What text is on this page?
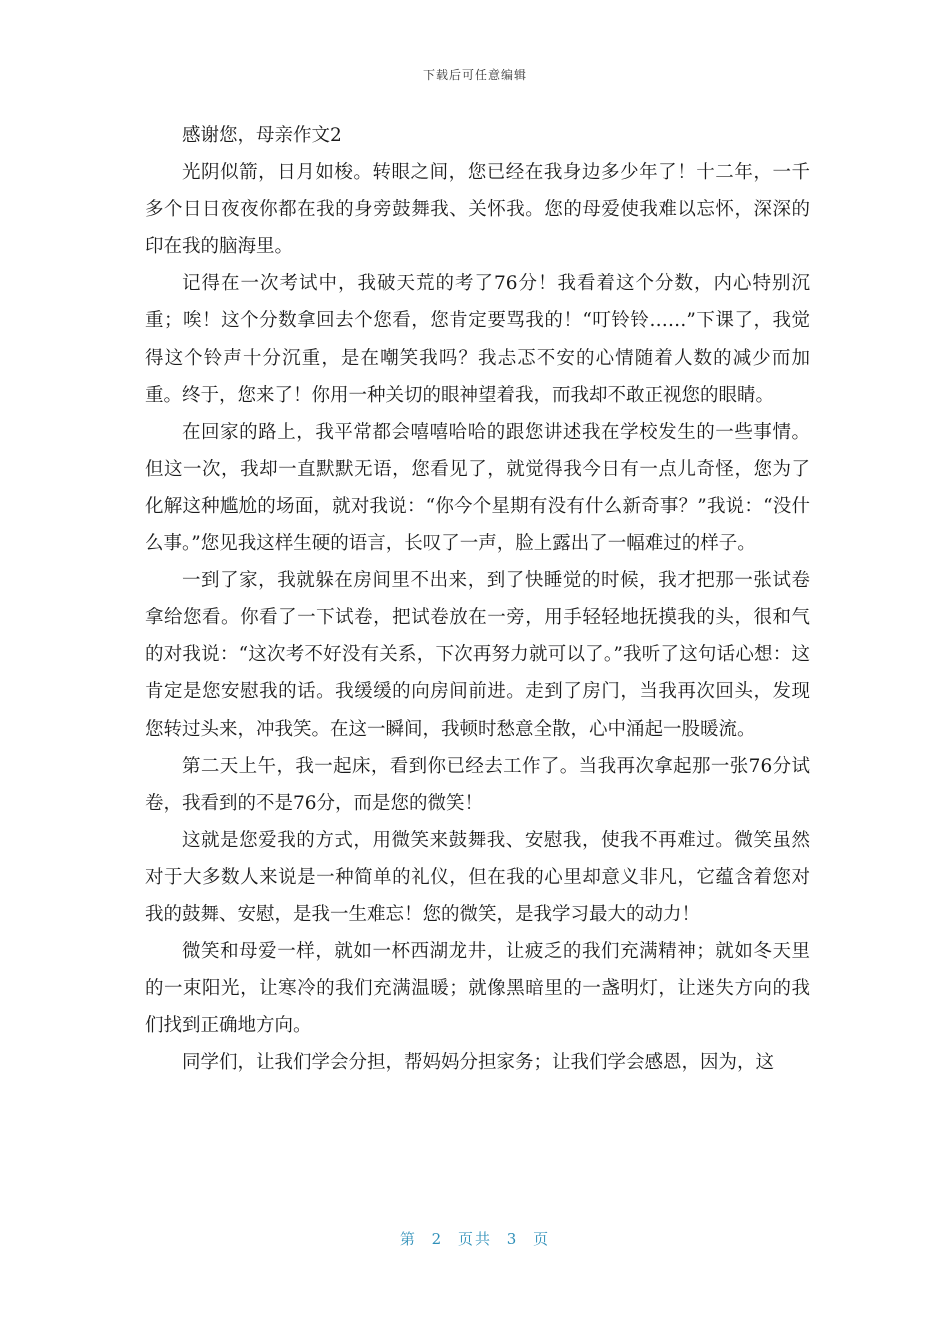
下载后可任意编辑

感谢您，母亲作文2

光阴似箭，日月如梭。转眼之间，您已经在我身边多少年了！十二年，一千多个日日夜夜你都在我的身旁鼓舞我、关怀我。您的母爱使我难以忘怀，深深的印在我的脑海里。

记得在一次考试中，我破天荒的考了76分！我看着这个分数，内心特别沉重；唉！这个分数拿回去个您看，您肯定要骂我的！“叮铃铃……”下课了，我觉得这个铃声十分沉重，是在嘲笑我吗？我忐忑不安的心情随着人数的减少而加重。终于，您来了！你用一种关切的眼神望着我，而我却不敢正视您的眼睛。

在回家的路上，我平常都会嘻嘻哈哈的跟您讲述我在学校发生的一些事情。但这一次，我却一直默默无语，您看见了，就觉得我今日有一点儿奇怪，您为了化解这种尴尬的场面，就对我说：“你今个星期有没有什么新奇事？”我说：“没什么事。”您见我这样生硬的语言，长叹了一声，脸上露出了一幅难过的样子。

一到了家，我就躲在房间里不出来，到了快睡觉的时候，我才把那一张试卷拿给您看。你看了一下试卷，把试卷放在一旁，用手轻轻地抚摸我的头，很和气的对我说：“这次考不好没有关系，下次再努力就可以了。”我听了这句话心想：这肯定是您安慰我的话。我缓缓的向房间前进。走到了房门，当我再次回头，发现您转过头来，冲我笑。在这一瞬间，我顿时愁意全散，心中涌起一股暖流。

第二天上午，我一起床，看到你已经去工作了。当我再次拿起那一张76分试卷，我看到的不是76分，而是您的微笑！

这就是您爱我的方式，用微笑来鼓舞我、安慰我，使我不再难过。微笑虽然对于大多数人来说是一种简单的礼仪，但在我的心里却意义非凡，它蕴含着您对我的鼓舞、安慰，是我一生难忘！您的微笑，是我学习最大的动力！

微笑和母爱一样，就如一杯西湖龙井，让疲乏的我们充满精神；就如冬天里的一束阳光，让寒冷的我们充满温暖；就像黑暗里的一盏明灯，让迷失方向的我们找到正确地方向。

同学们，让我们学会分担，帮妈妈分担家务；让我们学会感恩，因为，这

第 2 页共 3 页
